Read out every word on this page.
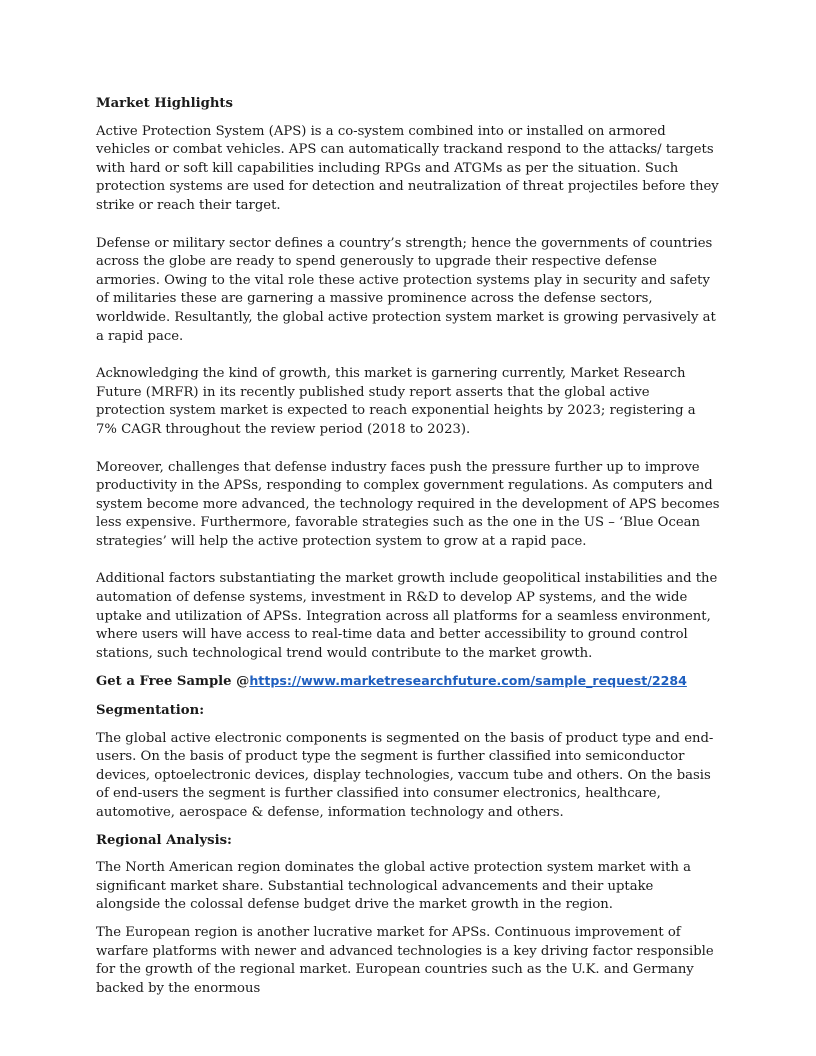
Market Highlights

Active Protection System (APS) is a co-system combined into or installed on armored vehicles or combat vehicles. APS can automatically trackand respond to the attacks/ targets with hard or soft kill capabilities including RPGs and ATGMs as per the situation. Such protection systems are used for detection and neutralization of threat projectiles before they strike or reach their target.

Defense or military sector defines a country’s strength; hence the governments of countries across the globe are ready to spend generously to upgrade their respective defense armories. Owing to the vital role these active protection systems play in security and safety of militaries these are garnering a massive prominence across the defense sectors, worldwide. Resultantly, the global active protection system market is growing pervasively at a rapid pace.

Acknowledging the kind of growth, this market is garnering currently, Market Research Future (MRFR) in its recently published study report asserts that the global active protection system market is expected to reach exponential heights by 2023; registering a 7% CAGR throughout the review period (2018 to 2023).

Moreover, challenges that defense industry faces push the pressure further up to improve productivity in the APSs, responding to complex government regulations. As computers and system become more advanced, the technology required in the development of APS becomes less expensive. Furthermore, favorable strategies such as the one in the US – ‘Blue Ocean strategies’ will help the active protection system to grow at a rapid pace.

Additional factors substantiating the market growth include geopolitical instabilities and the automation of defense systems, investment in R&D to develop AP systems, and the wide uptake and utilization of APSs. Integration across all platforms for a seamless environment, where users will have access to real-time data and better accessibility to ground control stations, such technological trend would contribute to the market growth.

Get a Free Sample @https://www.marketresearchfuture.com/sample_request/2284
Segmentation:

The global active electronic components is segmented on the basis of product type and end-users. On the basis of product type the segment is further classified into semiconductor devices, optoelectronic devices, display technologies, vaccum tube and others. On the basis of end-users the segment is further classified into consumer electronics, healthcare, automotive, aerospace & defense, information technology and others.

Regional Analysis:

The North American region dominates the global active protection system market with a significant market share. Substantial technological advancements and their uptake alongside the colossal defense budget drive the market growth in the region.

The European region is another lucrative market for APSs. Continuous improvement of warfare platforms with newer and advanced technologies is a key driving factor responsible for the growth of the regional market. European countries such as the U.K. and Germany backed by the enormous
